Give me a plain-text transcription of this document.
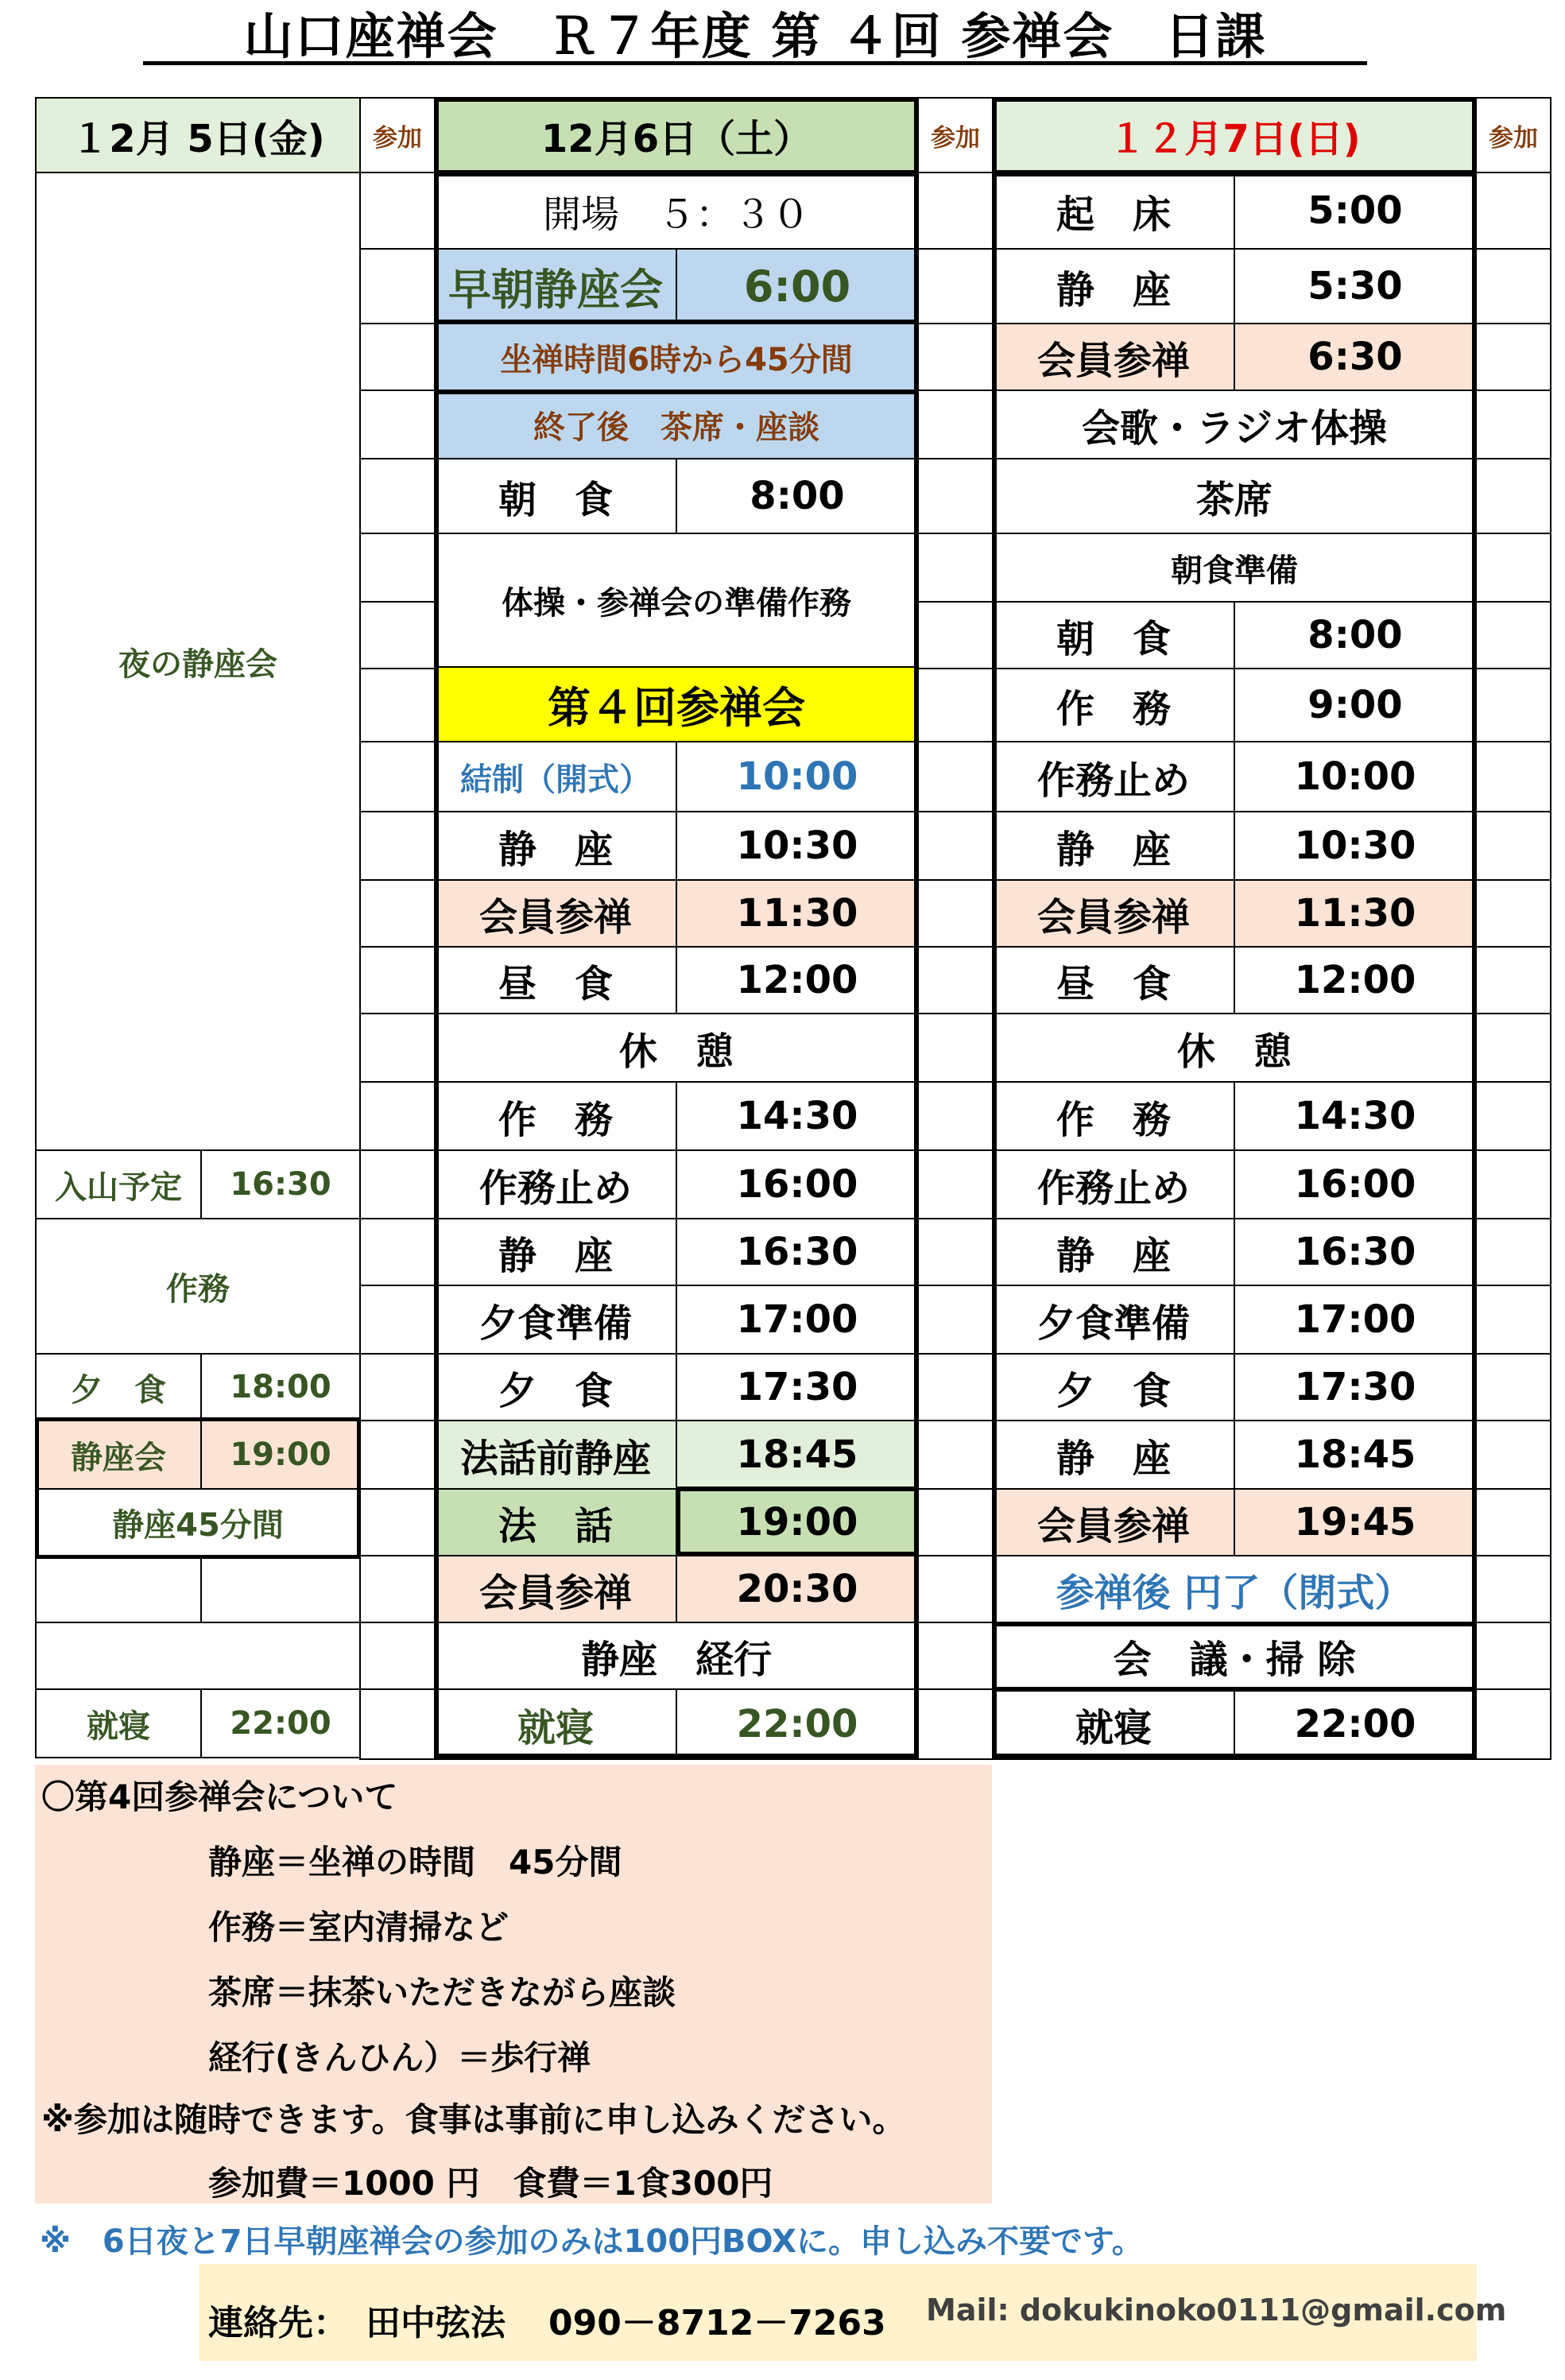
山口座禅会　Ｒ７年度 第 ４回 参禅会　日課
１2月 5日(金)	参加
夜の静座会
入山予定	16:30
作務
夕　食	18:00
静座会	19:00
静座45分間
就寝	22:00
12月6日（土）	参加
開場　５：３０
早朝静座会	6:00
坐禅時間6時から45分間
終了後　茶席・座談
朝　食	8:00
体操・参禅会の準備作務
第４回参禅会
結制（開式）	10:00
静　座	10:30
会員参禅	11:30
昼　食	12:00
休　憩
作　務	14:30
作務止め	16:00
静　座	16:30
夕食準備	17:00
夕　食	17:30
法話前静座	18:45
法　話	19:00
会員参禅	20:30
静座　経行
就寝	22:00
１２月7日(日)	参加
起　床	5:00
静　座	5:30
会員参禅	6:30
会歌・ラジオ体操
茶席
朝食準備
朝　食	8:00
作　務	9:00
作務止め	10:00
静　座	10:30
会員参禅	11:30
昼　食	12:00
休　憩
作　務	14:30
作務止め	16:00
静　座	16:30
夕食準備	17:00
夕　食	17:30
静　座	18:45
会員参禅	19:45
参禅後 円了（閉式）
会　議・掃 除
就寝	22:00
〇第4回参禅会について
静座＝坐禅の時間　45分間
作務＝室内清掃など
茶席＝抹茶いただきながら座談
経行(きんひん）＝歩行禅
※参加は随時できます。食事は事前に申し込みください。
参加費＝1000 円　食費＝1食300円
※　6日夜と7日早朝座禅会の参加のみは100円BOXに。申し込み不要です。
連絡先： 田中弦法 090－8712－7263 Mail: dokukinoko0111@gmail.com
